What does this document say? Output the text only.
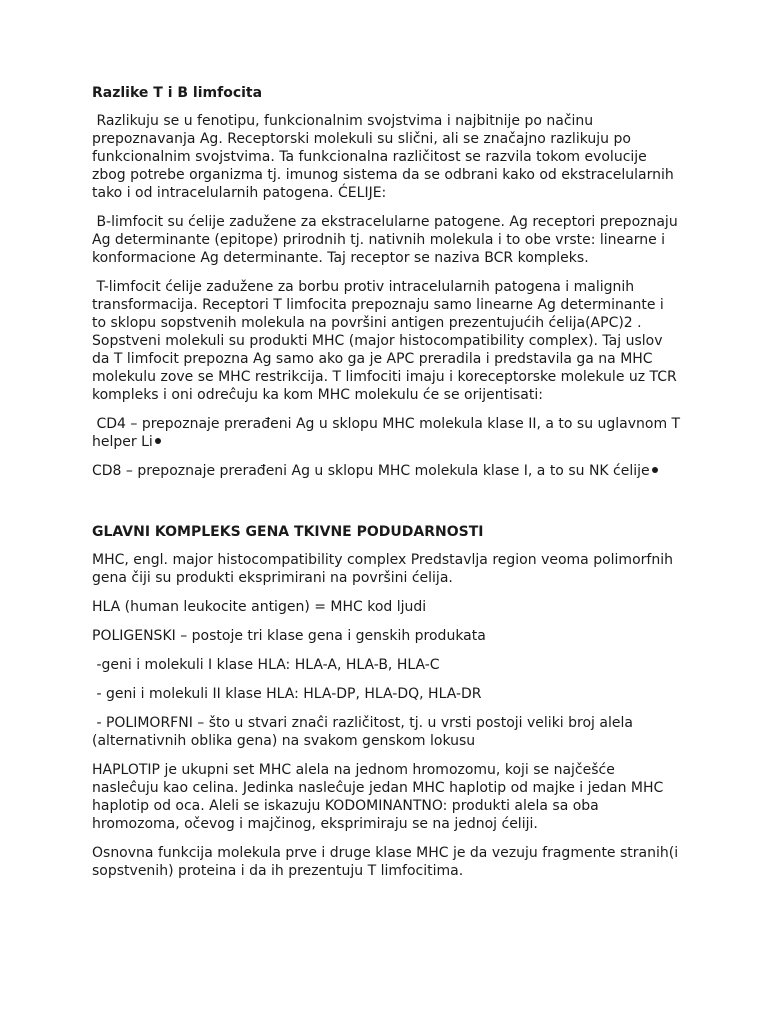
Razlike T i B limfocita

Razlikuju se u fenotipu, funkcionalnim svojstvima i najbitnije po načinu prepoznavanja Ag. Receptorski molekuli su slični, ali se značajno razlikuju po funkcionalnim svojstvima. Ta funkcionalna različitost se razvila tokom evolucije zbog potrebe organizma tj. imunog sistema da se odbrani kako od ekstracelularnih tako i od intracelularnih patogena. ĆELIJE:

B-limfocit su ćelije zadužene za ekstracelularne patogene. Ag receptori prepoznaju Ag determinante (epitope) prirodnih tj. nativnih molekula i to obe vrste: linearne i konformacione Ag determinante. Taj receptor se naziva BCR kompleks.

T-limfocit ćelije zadužene za borbu protiv intracelularnih patogena i malignih transformacija. Receptori T limfocita prepoznaju samo linearne Ag determinante i to sklopu sopstvenih molekula na površini antigen prezentujućih ćelija(APC)2 . Sopstveni molekuli su produkti MHC (major histocompatibility complex). Taj uslov da T limfocit prepozna Ag samo ako ga je APC preradila i predstavila ga na MHC molekulu zove se MHC restrikcija. T limfociti imaju i koreceptorske molekule uz TCR kompleks i oni odreĉuju ka kom MHC molekulu će se orijentisati:

CD4 – prepoznaje prerađeni Ag u sklopu MHC molekula klase II, a to su uglavnom T helper Li

CD8 – prepoznaje prerađeni Ag u sklopu MHC molekula klase I, a to su NK ćelije

GLAVNI KOMPLEKS GENA TKIVNE PODUDARNOSTI

MHC, engl. major histocompatibility complex Predstavlja region veoma polimorfnih gena čiji su produkti eksprimirani na površini ćelija.

HLA (human leukocite antigen) = MHC kod ljudi

POLIGENSKI – postoje tri klase gena i genskih produkata

-geni i molekuli I klase HLA: HLA-A, HLA-B, HLA-C

- geni i molekuli II klase HLA: HLA-DP, HLA-DQ, HLA-DR

- POLIMORFNI – što u stvari znaĉi različitost, tj. u vrsti postoji veliki broj alela (alternativnih oblika gena) na svakom genskom lokusu

HAPLOTIP je ukupni set MHC alela na jednom hromozomu, koji se najčešće nasleĉuju kao celina. Jedinka nasleĉuje jedan MHC haplotip od majke i jedan MHC haplotip od oca. Aleli se iskazuju KODOMINANTNO: produkti alela sa oba hromozoma, očevog i majčinog, eksprimiraju se na jednoj ćeliji.

Osnovna funkcija molekula prve i druge klase MHC je da vezuju fragmente stranih(i sopstvenih) proteina i da ih prezentuju T limfocitima.
